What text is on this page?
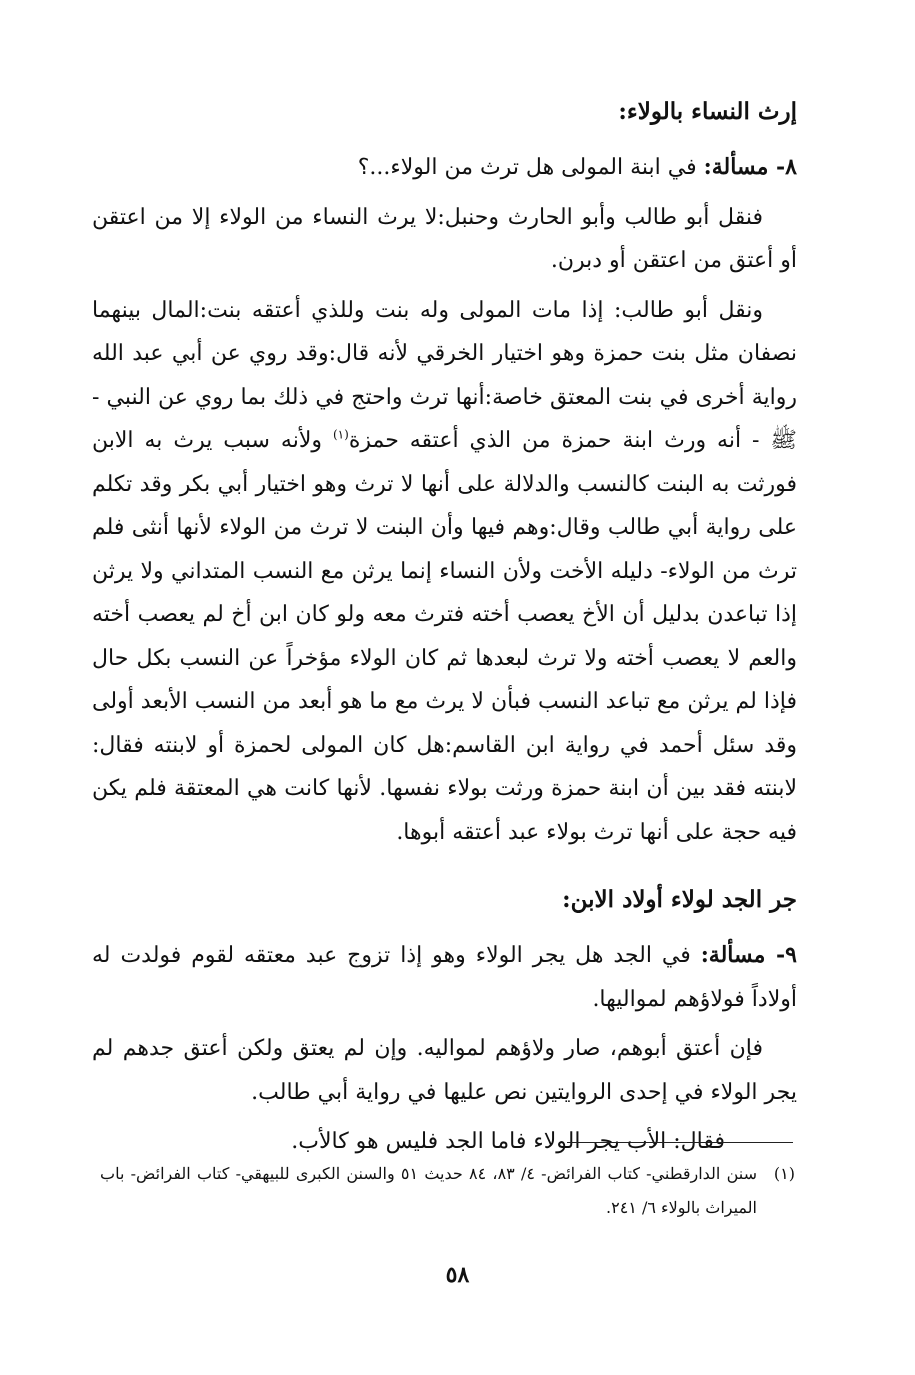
إرث النساء بالولاء:

٨- مسألة: في ابنة المولى هل ترث من الولاء...؟

فنقل أبو طالب وأبو الحارث وحنبل:لا يرث النساء من الولاء إلا من اعتقن أو أعتق من اعتقن أو دبرن.

ونقل أبو طالب: إذا مات المولى وله بنت وللذي أعتقه بنت:المال بينهما نصفان مثل بنت حمزة وهو اختيار الخرقي لأنه قال:وقد روي عن أبي عبد الله رواية أخرى في بنت المعتق خاصة:أنها ترث واحتج في ذلك بما روي عن النبي - ﷺ - أنه ورث ابنة حمزة من الذي أعتقه حمزة$^{(١)}$ ولأنه سبب يرث به الابن فورثت به البنت كالنسب والدلالة على أنها لا ترث وهو اختيار أبي بكر وقد تكلم على رواية أبي طالب وقال:وهم فيها وأن البنت لا ترث من الولاء لأنها أنثى فلم ترث من الولاء- دليله الأخت ولأن النساء إنما يرثن مع النسب المتداني ولا يرثن إذا تباعدن بدليل أن الأخ يعصب أخته فترث معه ولو كان ابن أخ لم يعصب أخته والعم لا يعصب أخته ولا ترث لبعدها ثم كان الولاء مؤخراً عن النسب بكل حال فإذا لم يرثن مع تباعد النسب فبأن لا يرث مع ما هو أبعد من النسب الأبعد أولى وقد سئل أحمد في رواية ابن القاسم:هل كان المولى لحمزة أو لابنته فقال: لابنته فقد بين أن ابنة حمزة ورثت بولاء نفسها. لأنها كانت هي المعتقة فلم يكن فيه حجة على أنها ترث بولاء عبد أعتقه أبوها.

جر الجد لولاء أولاد الابن:

٩- مسألة: في الجد هل يجر الولاء وهو إذا تزوج عبد معتقه لقوم فولدت له أولاداً فولاؤهم لمواليها.

فإن أعتق أبوهم، صار ولاؤهم لمواليه. وإن لم يعتق ولكن أعتق جدهم لم يجر الولاء في إحدى الروايتين نص عليها في رواية أبي طالب.

فقال: الأب يجر الولاء فاما الجد فليس هو كالأب.

(١)
سنن الدارقطني- كتاب الفرائض- ٤/ ٨٣، ٨٤ حديث ٥١ والسنن الكبرى للبيهقي- كتاب الفرائض- باب الميراث بالولاء ٦/ ٢٤١.
٥٨
